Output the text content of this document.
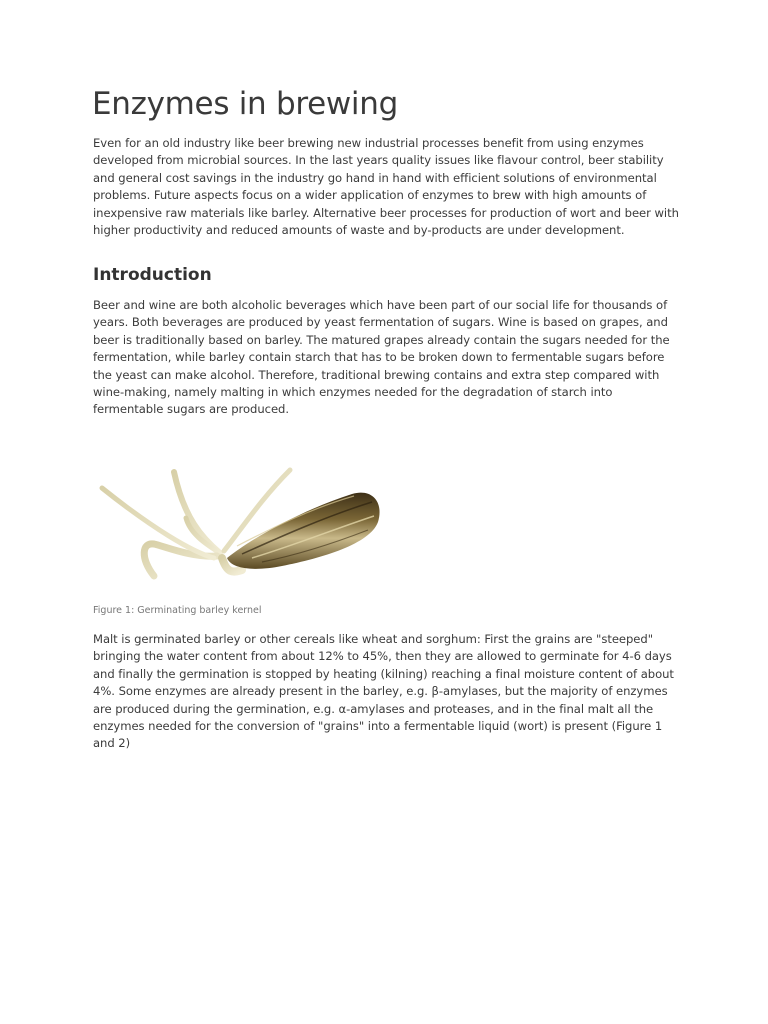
Enzymes in brewing

Even for an old industry like beer brewing new industrial processes benefit from using enzymes developed from microbial sources. In the last years quality issues like flavour control, beer stability and general cost savings in the industry go hand in hand with efficient solutions of environmental problems. Future aspects focus on a wider application of enzymes to brew with high amounts of inexpensive raw materials like barley. Alternative beer processes for production of wort and beer with higher productivity and reduced amounts of waste and by-products are under development.

Introduction

Beer and wine are both alcoholic beverages which have been part of our social life for thousands of years. Both beverages are produced by yeast fermentation of sugars. Wine is based on grapes, and beer is traditionally based on barley. The matured grapes already contain the sugars needed for the fermentation, while barley contain starch that has to be broken down to fermentable sugars before the yeast can make alcohol. Therefore, traditional brewing contains and extra step compared with wine-making, namely malting in which enzymes needed for the degradation of starch into fermentable sugars are produced.

Figure 1: Germinating barley kernel

Malt is germinated barley or other cereals like wheat and sorghum: First the grains are "steeped" bringing the water content from about 12% to 45%, then they are allowed to germinate for 4-6 days and finally the germination is stopped by heating (kilning) reaching a final moisture content of about 4%. Some enzymes are already present in the barley, e.g. β-amylases, but the majority of enzymes are produced during the germination, e.g. α-amylases and proteases, and in the final malt all the enzymes needed for the conversion of "grains" into a fermentable liquid (wort) is present (Figure 1 and 2)
